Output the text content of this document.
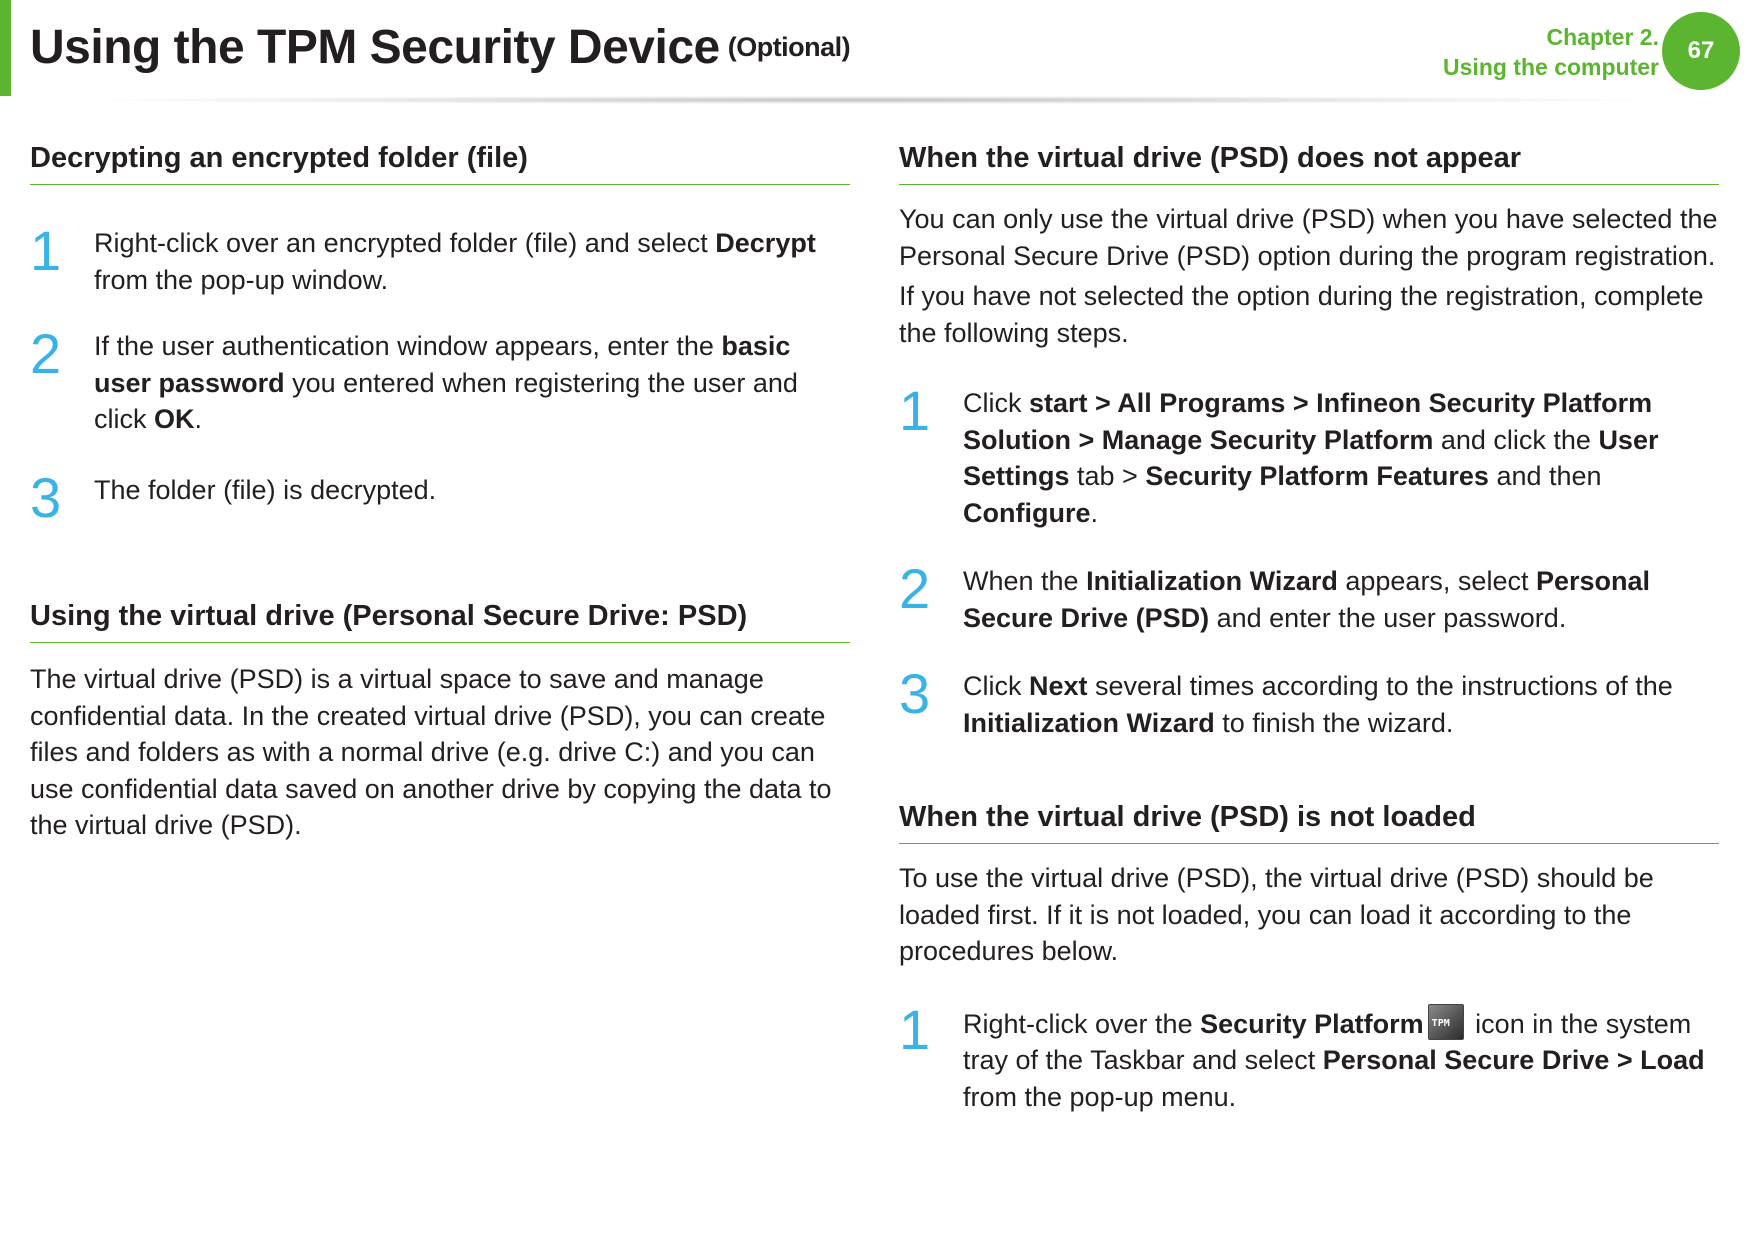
Using the TPM Security Device $^{(Optional)}$	Chapter 2.
Using the computer
67
Decrypting an encrypted folder (file)
1 Right-click over an encrypted folder (file) and select Decrypt from the pop-up window.
2 If the user authentication window appears, enter the basic user password you entered when registering the user and click OK.
3 The folder (file) is decrypted.
Using the virtual drive (Personal Secure Drive: PSD)

The virtual drive (PSD) is a virtual space to save and manage confidential data. In the created virtual drive (PSD), you can create files and folders as with a normal drive (e.g. drive C:) and you can use confidential data saved on another drive by copying the data to the virtual drive (PSD).

When the virtual drive (PSD) does not appear

You can only use the virtual drive (PSD) when you have selected the Personal Secure Drive (PSD) option during the program registration.

If you have not selected the option during the registration, complete the following steps.

1 Click start > All Programs > Infineon Security Platform Solution > Manage Security Platform and click the User Settings tab > Security Platform Features and then Configure.
2 When the Initialization Wizard appears, select Personal Secure Drive (PSD) and enter the user password.
3 Click Next several times according to the instructions of the Initialization Wizard to finish the wizard.
When the virtual drive (PSD) is not loaded

To use the virtual drive (PSD), the virtual drive (PSD) should be loaded first. If it is not loaded, you can load it according to the procedures below.

1 Right-click over the Security Platform TPM icon in the system tray of the Taskbar and select Personal Secure Drive > Load from the pop-up menu.
